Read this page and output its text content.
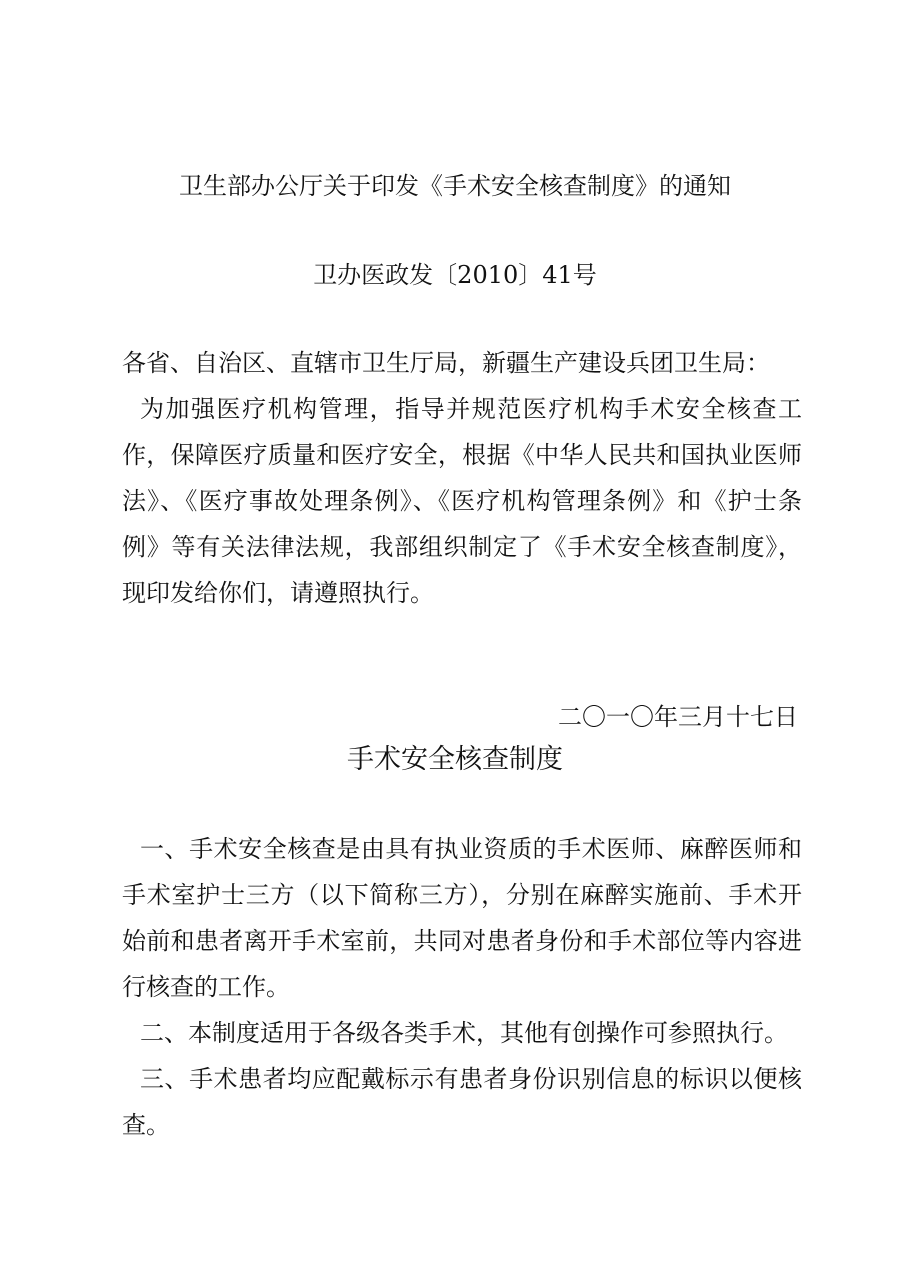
卫生部办公厅关于印发《手术安全核查制度》的通知
卫办医政发〔2010〕41号

各省、自治区、直辖市卫生厅局，新疆生产建设兵团卫生局：

为加强医疗机构管理，指导并规范医疗机构手术安全核查工作，保障医疗质量和医疗安全，根据《中华人民共和国执业医师法》、《医疗事故处理条例》、《医疗机构管理条例》和《护士条例》等有关法律法规，我部组织制定了《手术安全核查制度》，现印发给你们，请遵照执行。

二〇一〇年三月十七日
手术安全核查制度

一、手术安全核查是由具有执业资质的手术医师、麻醉医师和手术室护士三方（以下简称三方），分别在麻醉实施前、手术开始前和患者离开手术室前，共同对患者身份和手术部位等内容进行核查的工作。

二、本制度适用于各级各类手术，其他有创操作可参照执行。

三、手术患者均应配戴标示有患者身份识别信息的标识以便核查。
